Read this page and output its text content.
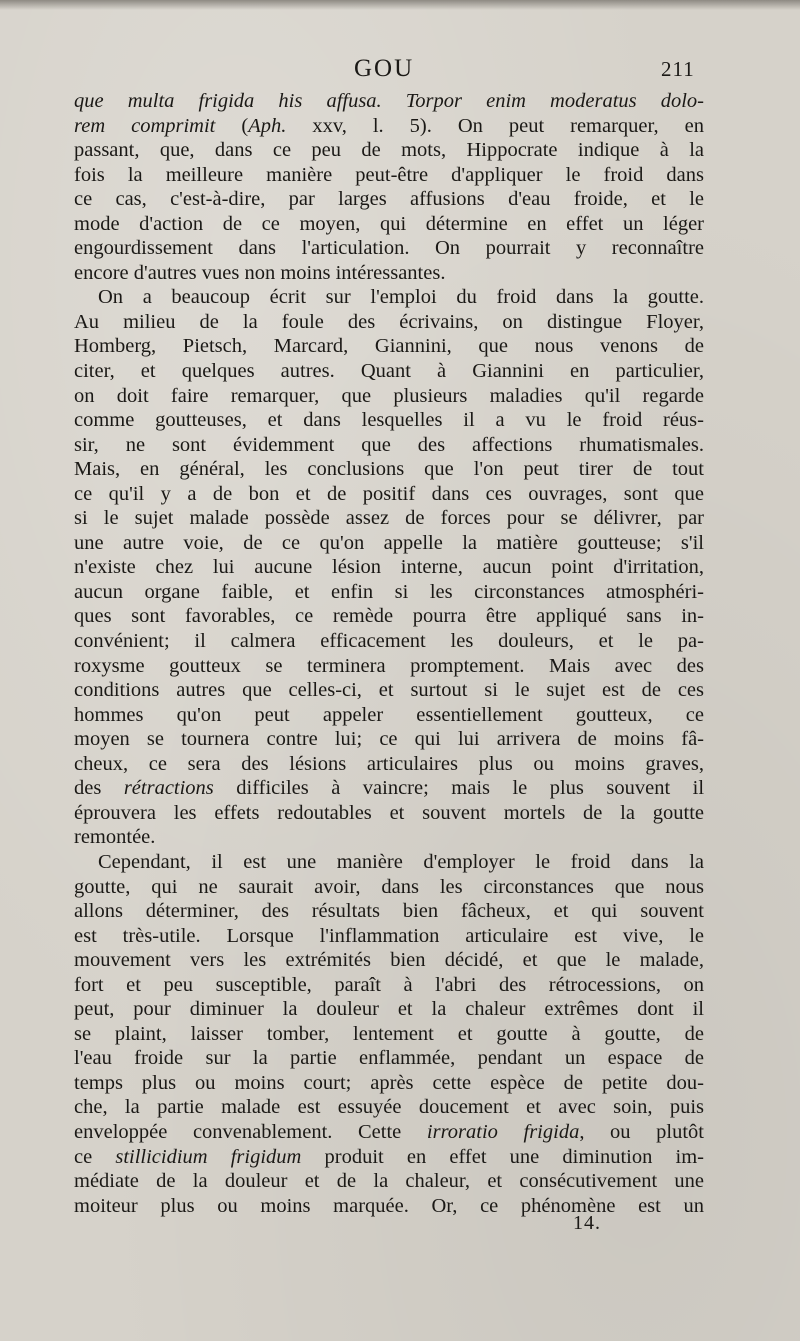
GOU	211
que multa frigida his affusa. Torpor enim moderatus dolo-
rem comprimit (Aph. xxv, l. 5). On peut remarquer, en
passant, que, dans ce peu de mots, Hippocrate indique à la
fois la meilleure manière peut-être d'appliquer le froid dans
ce cas, c'est-à-dire, par larges affusions d'eau froide, et le
mode d'action de ce moyen, qui détermine en effet un léger
engourdissement dans l'articulation. On pourrait y reconnaître
encore d'autres vues non moins intéressantes.
On a beaucoup écrit sur l'emploi du froid dans la goutte.
Au milieu de la foule des écrivains, on distingue Floyer,
Homberg, Pietsch, Marcard, Giannini, que nous venons de
citer, et quelques autres. Quant à Giannini en particulier,
on doit faire remarquer, que plusieurs maladies qu'il regarde
comme goutteuses, et dans lesquelles il a vu le froid réus-
sir, ne sont évidemment que des affections rhumatismales.
Mais, en général, les conclusions que l'on peut tirer de tout
ce qu'il y a de bon et de positif dans ces ouvrages, sont que
si le sujet malade possède assez de forces pour se délivrer, par
une autre voie, de ce qu'on appelle la matière goutteuse; s'il
n'existe chez lui aucune lésion interne, aucun point d'irritation,
aucun organe faible, et enfin si les circonstances atmosphéri-
ques sont favorables, ce remède pourra être appliqué sans in-
convénient; il calmera efficacement les douleurs, et le pa-
roxysme goutteux se terminera promptement. Mais avec des
conditions autres que celles-ci, et surtout si le sujet est de ces
hommes qu'on peut appeler essentiellement goutteux, ce
moyen se tournera contre lui; ce qui lui arrivera de moins fâ-
cheux, ce sera des lésions articulaires plus ou moins graves,
des rétractions difficiles à vaincre; mais le plus souvent il
éprouvera les effets redoutables et souvent mortels de la goutte
remontée.
Cependant, il est une manière d'employer le froid dans la
goutte, qui ne saurait avoir, dans les circonstances que nous
allons déterminer, des résultats bien fâcheux, et qui souvent
est très-utile. Lorsque l'inflammation articulaire est vive, le
mouvement vers les extrémités bien décidé, et que le malade,
fort et peu susceptible, paraît à l'abri des rétrocessions, on
peut, pour diminuer la douleur et la chaleur extrêmes dont il
se plaint, laisser tomber, lentement et goutte à goutte, de
l'eau froide sur la partie enflammée, pendant un espace de
temps plus ou moins court; après cette espèce de petite dou-
che, la partie malade est essuyée doucement et avec soin, puis
enveloppée convenablement. Cette irroratio frigida, ou plutôt
ce stillicidium frigidum produit en effet une diminution im-
médiate de la douleur et de la chaleur, et consécutivement une
moiteur plus ou moins marquée. Or, ce phénomène est un
14.
